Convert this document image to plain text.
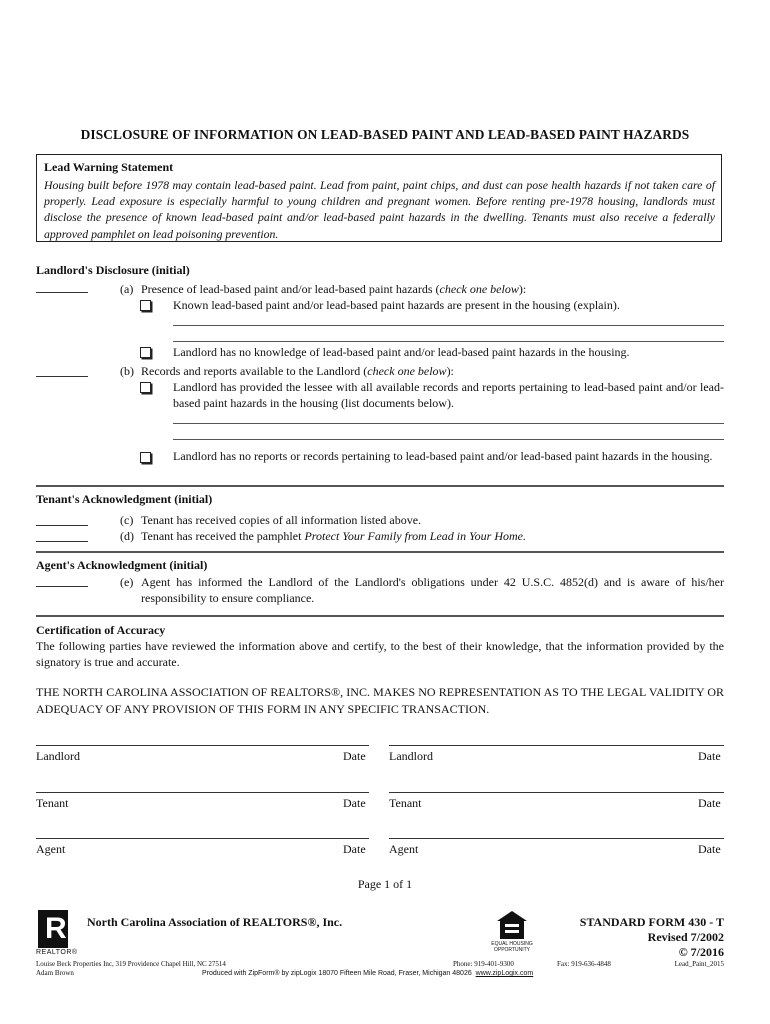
DISCLOSURE OF INFORMATION ON LEAD-BASED PAINT AND LEAD-BASED PAINT HAZARDS
Lead Warning Statement
Housing built before 1978 may contain lead-based paint. Lead from paint, paint chips, and dust can pose health hazards if not taken care of properly. Lead exposure is especially harmful to young children and pregnant women. Before renting pre-1978 housing, landlords must disclose the presence of known lead-based paint and/or lead-based paint hazards in the dwelling. Tenants must also receive a federally approved pamphlet on lead poisoning prevention.
Landlord's Disclosure (initial)
(a) Presence of lead-based paint and/or lead-based paint hazards (check one below):
Known lead-based paint and/or lead-based paint hazards are present in the housing (explain).
Landlord has no knowledge of lead-based paint and/or lead-based paint hazards in the housing.
(b) Records and reports available to the Landlord (check one below):
Landlord has provided the lessee with all available records and reports pertaining to lead-based paint and/or lead-based paint hazards in the housing (list documents below).
Landlord has no reports or records pertaining to lead-based paint and/or lead-based paint hazards in the housing.
Tenant's Acknowledgment (initial)
(c) Tenant has received copies of all information listed above.
(d) Tenant has received the pamphlet Protect Your Family from Lead in Your Home.
Agent's Acknowledgment (initial)
(e) Agent has informed the Landlord of the Landlord's obligations under 42 U.S.C. 4852(d) and is aware of his/her responsibility to ensure compliance.
Certification of Accuracy
The following parties have reviewed the information above and certify, to the best of their knowledge, that the information provided by the signatory is true and accurate.
THE NORTH CAROLINA ASSOCIATION OF REALTORS®, INC. MAKES NO REPRESENTATION AS TO THE LEGAL VALIDITY OR ADEQUACY OF ANY PROVISION OF THIS FORM IN ANY SPECIFIC TRANSACTION.
Landlord	Date Landlord	Date
Tenant	Date Tenant	Date
Agent	Date Agent	Date
Page 1 of 1
R
REALTOR®
North Carolina Association of REALTORS®, Inc.
EQUAL HOUSING
OPPORTUNITY
STANDARD FORM 430 - T
Revised 7/2002
© 7/2016
Louise Beck Properties Inc, 319 Providence Chapel Hill, NC 27514
Adam Brown
Phone: 919-401-9300	Fax: 919-636-4848	Lead_Paint_2015
Produced with ZipForm® by zipLogix 18070 Fifteen Mile Road, Fraser, Michigan 48026 www.zipLogix.com
